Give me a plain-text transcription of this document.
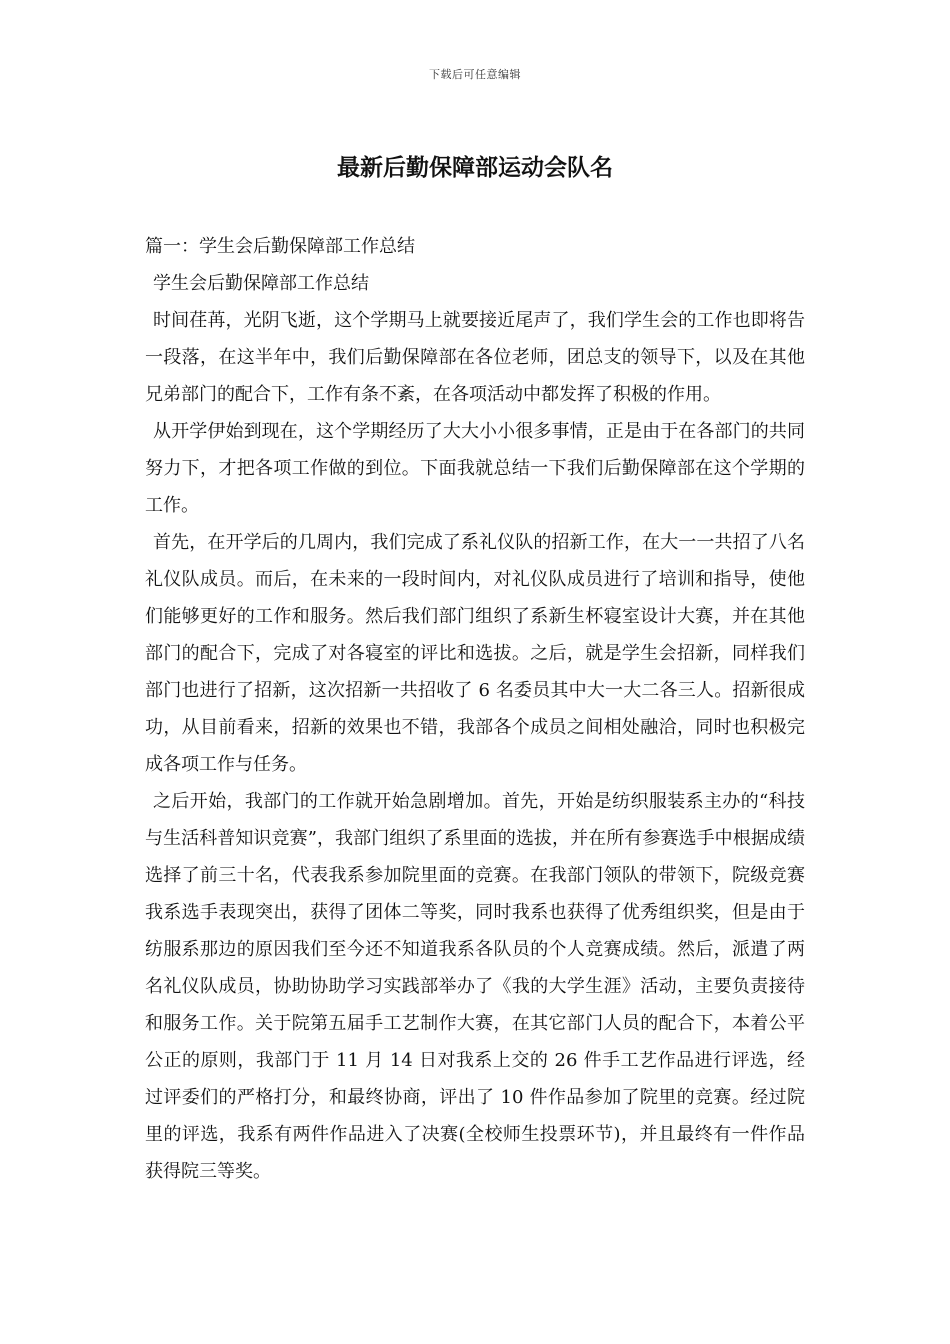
下载后可任意编辑
最新后勤保障部运动会队名

篇一：学生会后勤保障部工作总结

学生会后勤保障部工作总结

时间荏苒，光阴飞逝，这个学期马上就要接近尾声了，我们学生会的工作也即将告一段落，在这半年中，我们后勤保障部在各位老师，团总支的领导下，以及在其他兄弟部门的配合下，工作有条不紊，在各项活动中都发挥了积极的作用。

从开学伊始到现在，这个学期经历了大大小小很多事情，正是由于在各部门的共同努力下，才把各项工作做的到位。下面我就总结一下我们后勤保障部在这个学期的工作。

首先，在开学后的几周内，我们完成了系礼仪队的招新工作，在大一一共招了八名礼仪队成员。而后，在未来的一段时间内，对礼仪队成员进行了培训和指导，使他们能够更好的工作和服务。然后我们部门组织了系新生杯寝室设计大赛，并在其他部门的配合下，完成了对各寝室的评比和选拔。之后，就是学生会招新，同样我们部门也进行了招新，这次招新一共招收了 6 名委员其中大一大二各三人。招新很成功，从目前看来，招新的效果也不错，我部各个成员之间相处融洽，同时也积极完成各项工作与任务。

之后开始，我部门的工作就开始急剧增加。首先，开始是纺织服装系主办的“科技与生活科普知识竞赛”，我部门组织了系里面的选拔，并在所有参赛选手中根据成绩选择了前三十名，代表我系参加院里面的竞赛。在我部门领队的带领下，院级竞赛我系选手表现突出，获得了团体二等奖，同时我系也获得了优秀组织奖，但是由于纺服系那边的原因我们至今还不知道我系各队员的个人竞赛成绩。然后，派遣了两名礼仪队成员，协助协助学习实践部举办了《我的大学生涯》活动，主要负责接待和服务工作。关于院第五届手工艺制作大赛，在其它部门人员的配合下，本着公平公正的原则，我部门于 11 月 14 日对我系上交的 26 件手工艺作品进行评选，经过评委们的严格打分，和最终协商，评出了 10 件作品参加了院里的竞赛。经过院里的评选，我系有两件作品进入了决赛(全校师生投票环节)，并且最终有一件作品获得院三等奖。
